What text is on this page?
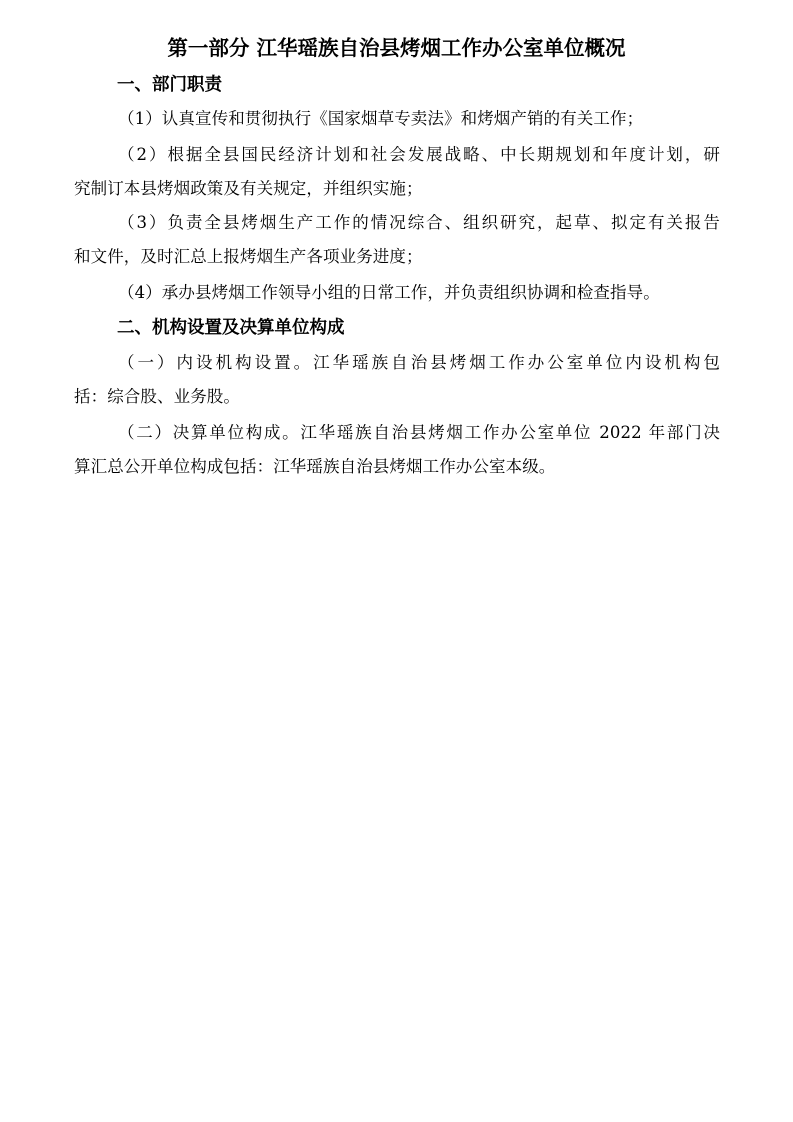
第一部分 江华瑶族自治县烤烟工作办公室单位概况
一、部门职责
（1）认真宣传和贯彻执行《国家烟草专卖法》和烤烟产销的有关工作；
（2）根据全县国民经济计划和社会发展战略、中长期规划和年度计划，研
究制订本县烤烟政策及有关规定，并组织实施；
（3）负责全县烤烟生产工作的情况综合、组织研究，起草、拟定有关报告
和文件，及时汇总上报烤烟生产各项业务进度；
（4）承办县烤烟工作领导小组的日常工作，并负责组织协调和检查指导。
二、机构设置及决算单位构成
（一）内设机构设置。江华瑶族自治县烤烟工作办公室单位内设机构包
括：综合股、业务股。
（二）决算单位构成。江华瑶族自治县烤烟工作办公室单位 2022 年部门决
算汇总公开单位构成包括：江华瑶族自治县烤烟工作办公室本级。
